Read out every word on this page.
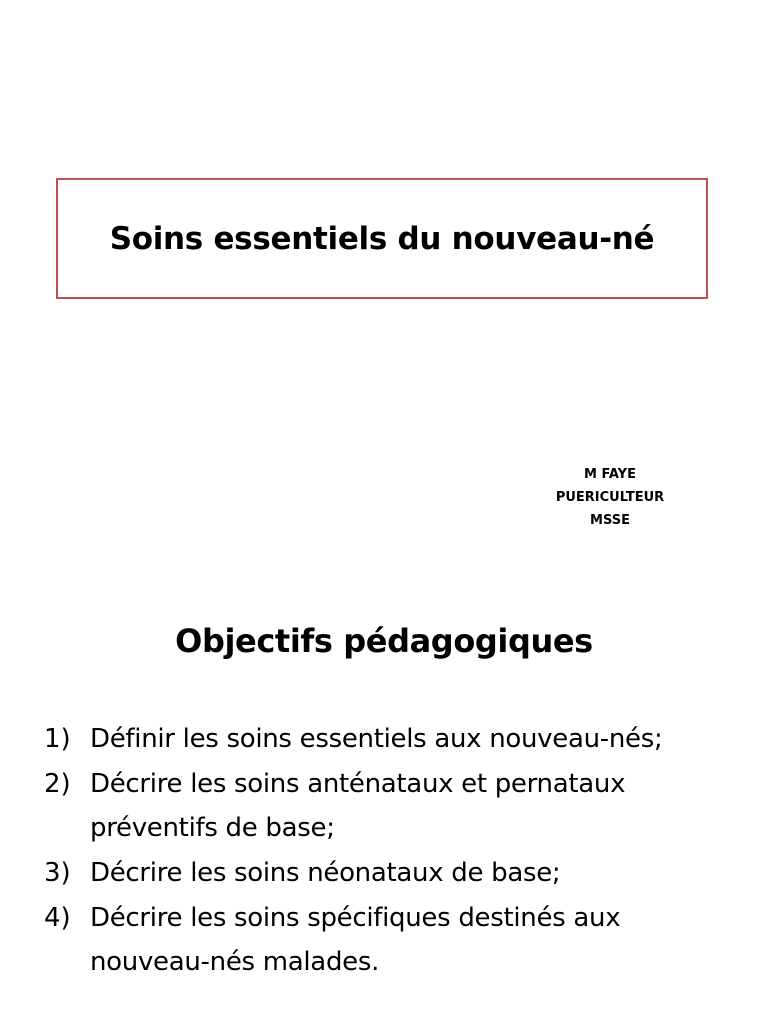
Soins essentiels du nouveau-né
M FAYE
PUERICULTEUR
MSSE
Objectifs pédagogiques
1) Définir les soins essentiels aux nouveau-nés;
2) Décrire les soins anténataux et pernataux préventifs de base;
3) Décrire les soins néonataux de base;
4) Décrire les soins spécifiques destinés aux nouveau-nés malades.
